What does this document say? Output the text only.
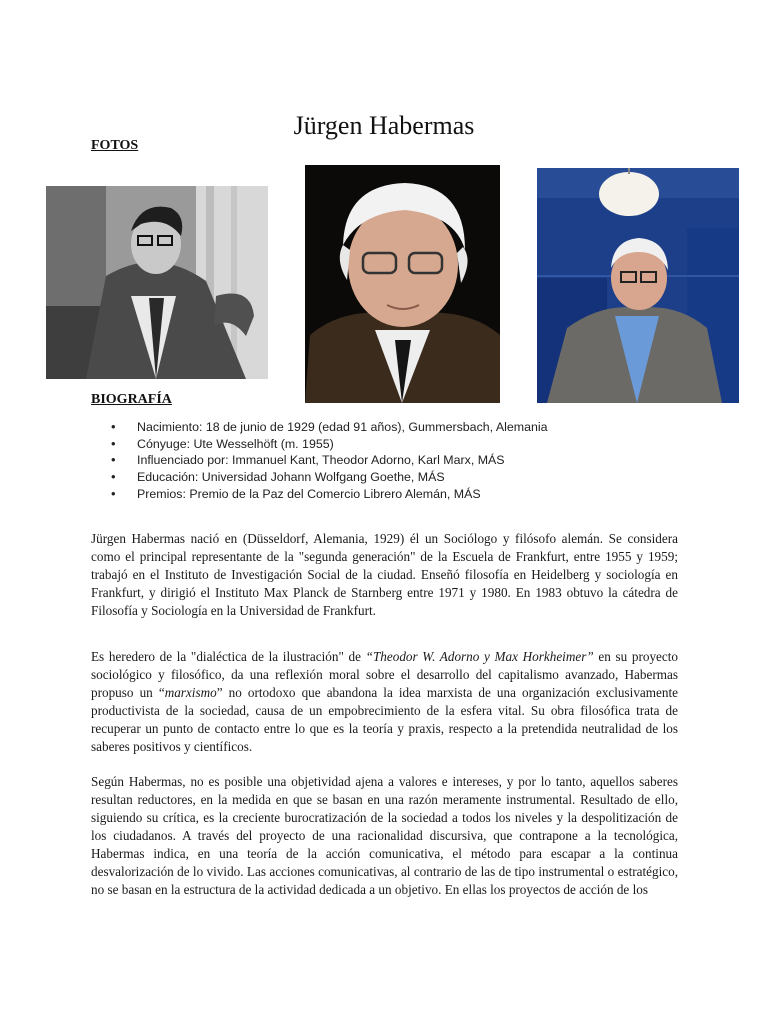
Jürgen Habermas
FOTOS
BIOGRAFÍA
• Nacimiento: 18 de junio de 1929 (edad 91 años), Gummersbach, Alemania
• Cónyuge: Ute Wesselhöft (m. 1955)
• Influenciado por: Immanuel Kant, Theodor Adorno, Karl Marx, MÁS
• Educación: Universidad Johann Wolfgang Goethe, MÁS
• Premios: Premio de la Paz del Comercio Librero Alemán, MÁS

Jürgen Habermas nació en (Düsseldorf, Alemania, 1929) él un Sociólogo y filósofo alemán. Se considera como el principal representante de la "segunda generación" de la Escuela de Frankfurt, entre 1955 y 1959; trabajó en el Instituto de Investigación Social de la ciudad. Enseñó filosofía en Heidelberg y sociología en Frankfurt, y dirigió el Instituto Max Planck de Starnberg entre 1971 y 1980. En 1983 obtuvo la cátedra de Filosofía y Sociología en la Universidad de Frankfurt.

Es heredero de la "dialéctica de la ilustración" de “Theodor W. Adorno y Max Horkheimer” en su proyecto sociológico y filosófico, da una reflexión moral sobre el desarrollo del capitalismo avanzado, Habermas propuso un “marxismo” no ortodoxo que abandona la idea marxista de una organización exclusivamente productivista de la sociedad, causa de un empobrecimiento de la esfera vital. Su obra filosófica trata de recuperar un punto de contacto entre lo que es la teoría y praxis, respecto a la pretendida neutralidad de los saberes positivos y científicos.

Según Habermas, no es posible una objetividad ajena a valores e intereses, y por lo tanto, aquellos saberes resultan reductores, en la medida en que se basan en una razón meramente instrumental. Resultado de ello, siguiendo su crítica, es la creciente burocratización de la sociedad a todos los niveles y la despolitización de los ciudadanos. A través del proyecto de una racionalidad discursiva, que contrapone a la tecnológica, Habermas indica, en una teoría de la acción comunicativa, el método para escapar a la continua desvalorización de lo vivido. Las acciones comunicativas, al contrario de las de tipo instrumental o estratégico, no se basan en la estructura de la actividad dedicada a un objetivo. En ellas los proyectos de acción de los
